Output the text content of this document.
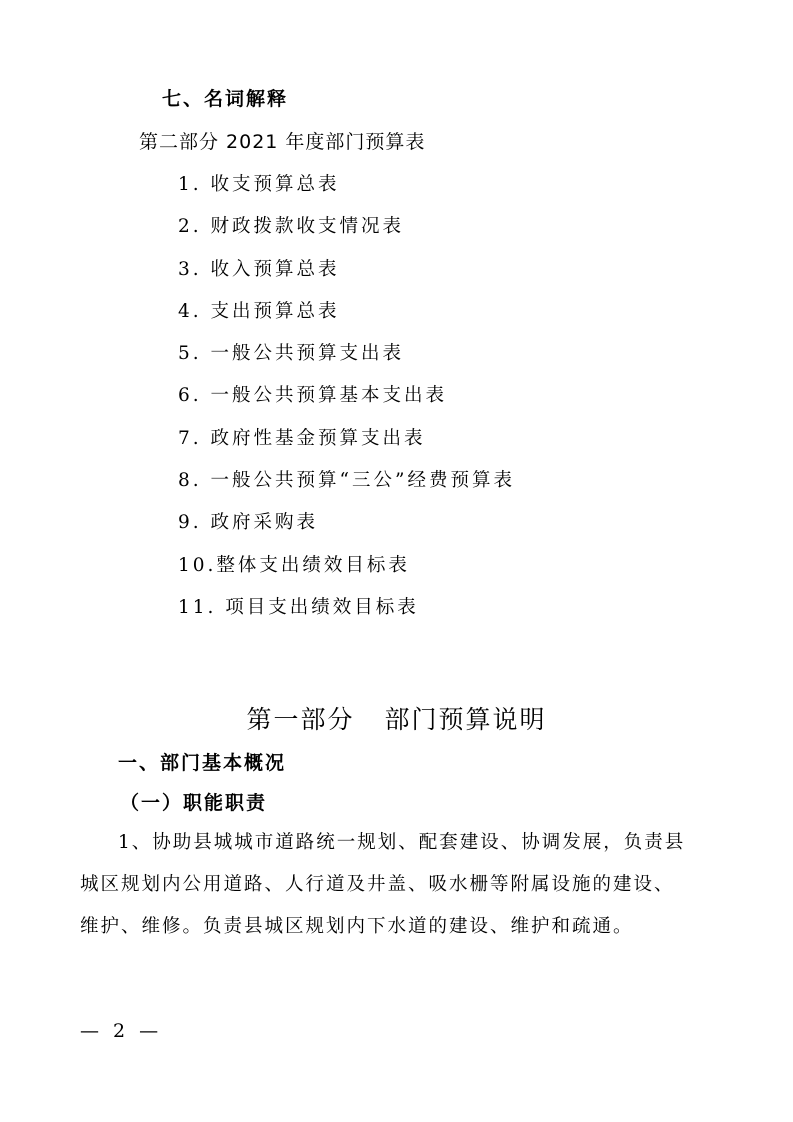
七、名词解释
第二部分 2021 年度部门预算表
1. 收支预算总表
2. 财政拨款收支情况表
3. 收入预算总表
4. 支出预算总表
5. 一般公共预算支出表
6. 一般公共预算基本支出表
7. 政府性基金预算支出表
8. 一般公共预算“三公”经费预算表
9. 政府采购表
10.整体支出绩效目标表
11. 项目支出绩效目标表
第一部分 部门预算说明
一、部门基本概况
（一）职能职责
1、协助县城城市道路统一规划、配套建设、协调发展，负责县
城区规划内公用道路、人行道及井盖、吸水栅等附属设施的建设、
维护、维修。负责县城区规划内下水道的建设、维护和疏通。
— 2 —
